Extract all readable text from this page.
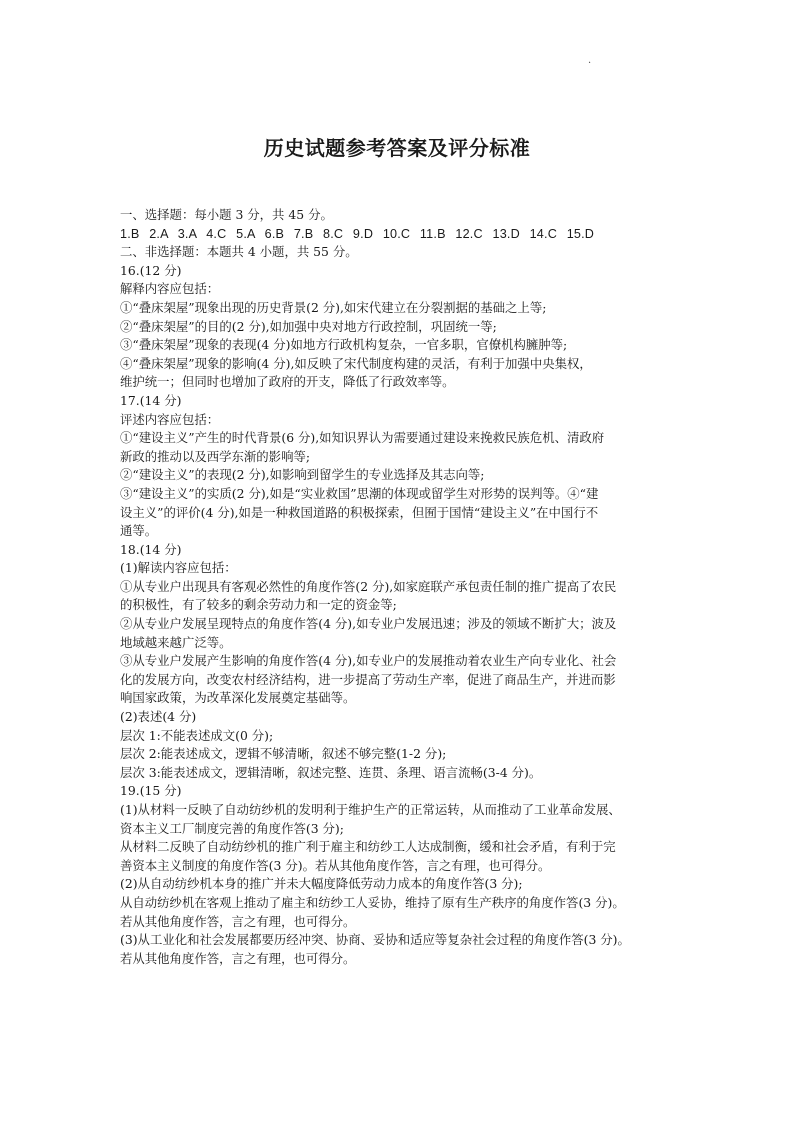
·
历史试题参考答案及评分标准
一、选择题：每小题 3 分，共 45 分。
1.B 2.A 3.A 4.C 5.A 6.B 7.B 8.C 9.D 10.C 11.B 12.C 13.D 14.C 15.D
二、非选择题：本题共 4 小题，共 55 分。
16.(12 分)
解释内容应包括：
①“叠床架屋”现象出现的历史背景(2 分),如宋代建立在分裂割据的基础之上等;
②“叠床架屋”的目的(2 分),如加强中央对地方行政控制，巩固统一等;
③“叠床架屋”现象的表现(4 分)如地方行政机构复杂，一官多职，官僚机构臃肿等;
④“叠床架屋”现象的影响(4 分),如反映了宋代制度构建的灵活，有利于加强中央集权，
维护统一；但同时也增加了政府的开支，降低了行政效率等。
17.(14 分)
评述内容应包括：
①“建设主义”产生的时代背景(6 分),如知识界认为需要通过建设来挽救民族危机、清政府
新政的推动以及西学东渐的影响等;
②“建设主义”的表现(2 分),如影响到留学生的专业选择及其志向等;
③“建设主义”的实质(2 分),如是“实业救国”思潮的体现或留学生对形势的误判等。④“建
设主义”的评价(4 分),如是一种救国道路的积极探索，但囿于国情“建设主义”在中国行不
通等。
18.(14 分)
(1)解读内容应包括：
①从专业户出现具有客观必然性的角度作答(2 分),如家庭联产承包责任制的推广提高了农民
的积极性，有了较多的剩余劳动力和一定的资金等;
②从专业户发展呈现特点的角度作答(4 分),如专业户发展迅速；涉及的领域不断扩大；波及
地域越来越广泛等。
③从专业户发展产生影响的角度作答(4 分),如专业户的发展推动着农业生产向专业化、社会
化的发展方向，改变农村经济结构，进一步提高了劳动生产率，促进了商品生产，并进而影
响国家政策，为改革深化发展奠定基础等。
(2)表述(4 分)
层次 1:不能表述成文(0 分);
层次 2:能表述成文，逻辑不够清晰，叙述不够完整(1-2 分);
层次 3:能表述成文，逻辑清晰，叙述完整、连贯、条理、语言流畅(3-4 分)。
19.(15 分)
(1)从材料一反映了自动纺纱机的发明利于维护生产的正常运转，从而推动了工业革命发展、
资本主义工厂制度完善的角度作答(3 分);
从材料二反映了自动纺纱机的推广利于雇主和纺纱工人达成制衡，缓和社会矛盾，有利于完
善资本主义制度的角度作答(3 分)。若从其他角度作答，言之有理，也可得分。
(2)从自动纺纱机本身的推广并未大幅度降低劳动力成本的角度作答(3 分);
从自动纺纱机在客观上推动了雇主和纺纱工人妥协，维持了原有生产秩序的角度作答(3 分)。
若从其他角度作答，言之有理，也可得分。
(3)从工业化和社会发展都要历经冲突、协商、妥协和适应等复杂社会过程的角度作答(3 分)。
若从其他角度作答，言之有理，也可得分。
